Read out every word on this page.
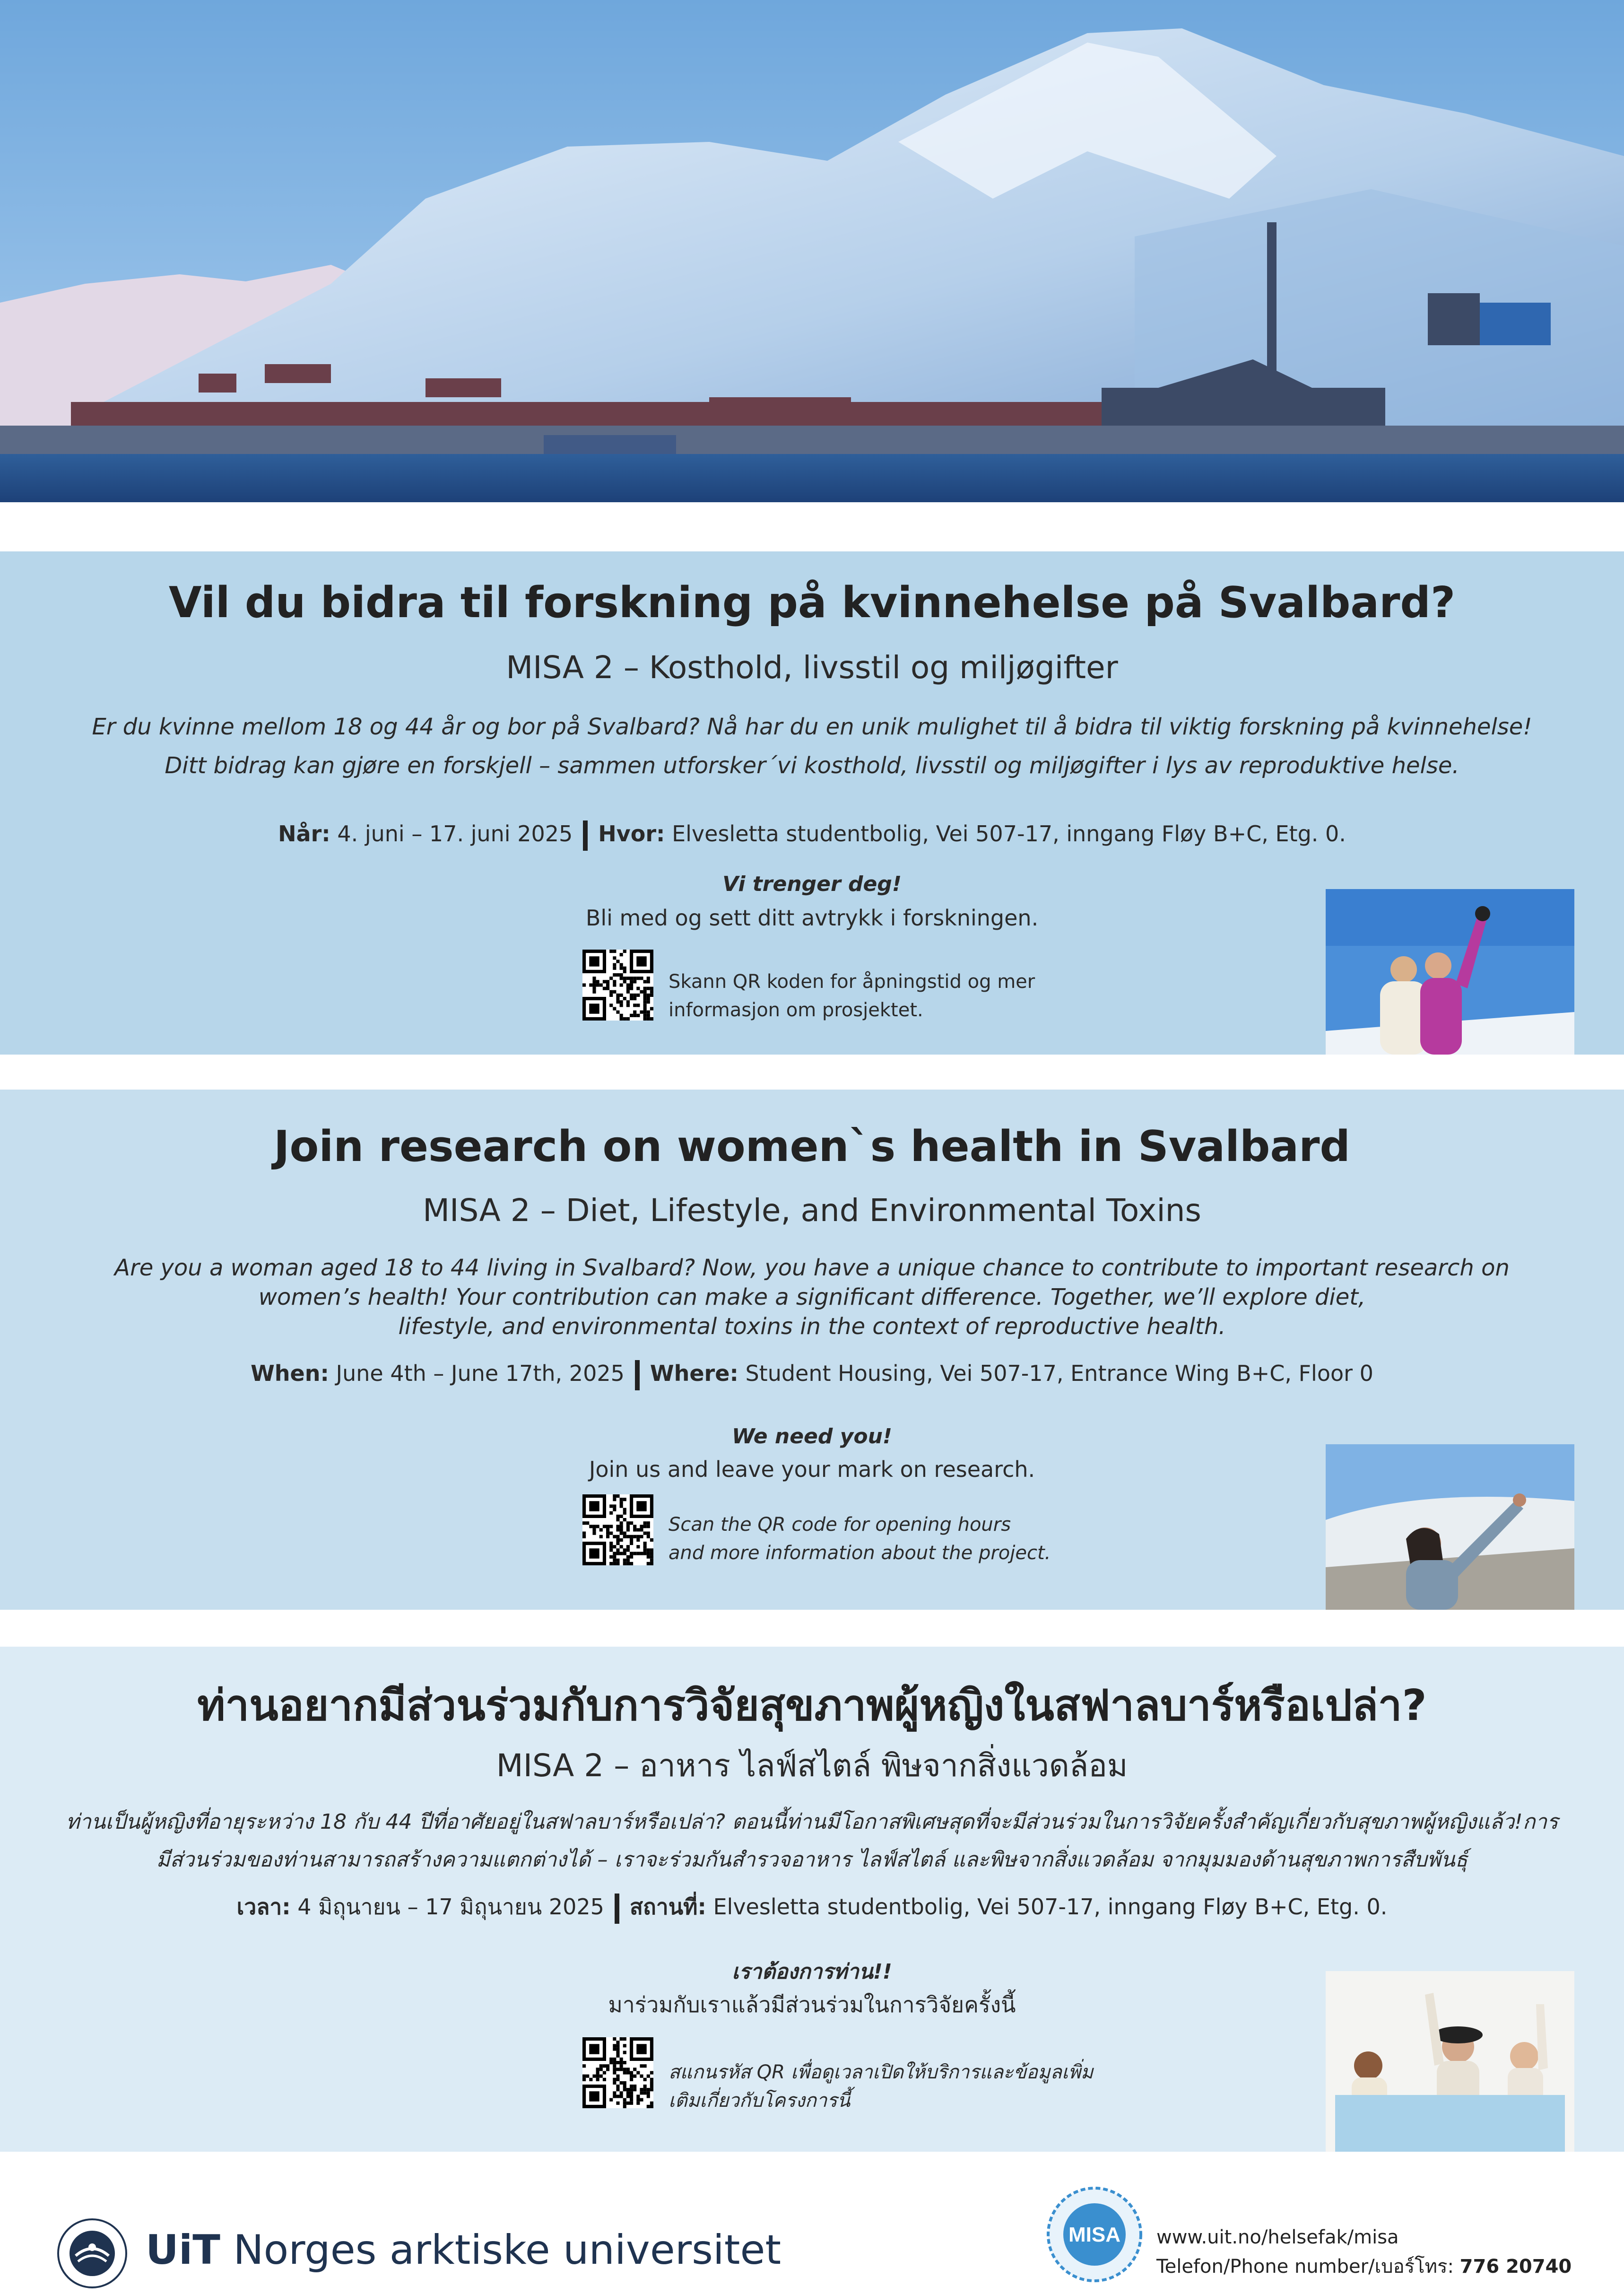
Vil du bidra til forskning på kvinnehelse på Svalbard?
MISA 2 – Kosthold, livsstil og miljøgifter
Er du kvinne mellom 18 og 44 år og bor på Svalbard? Nå har du en unik mulighet til å bidra til viktig forskning på kvinnehelse!
Ditt bidrag kan gjøre en forskjell – sammen utforsker´vi kosthold, livsstil og miljøgifter i lys av reproduktive helse.
Når: 4. juni – 17. juni 2025 Hvor: Elvesletta studentbolig, Vei 507-17, inngang Fløy B+C, Etg. 0.
Vi trenger deg!
Bli med og sett ditt avtrykk i forskningen.
Skann QR koden for åpningstid og mer
informasjon om prosjektet.
Join research on women`s health in Svalbard
MISA 2 – Diet, Lifestyle, and Environmental Toxins
Are you a woman aged 18 to 44 living in Svalbard? Now, you have a unique chance to contribute to important research on
women’s health! Your contribution can make a significant difference. Together, we’ll explore diet,
lifestyle, and environmental toxins in the context of reproductive health.
When: June 4th – June 17th, 2025 Where: Student Housing, Vei 507-17, Entrance Wing B+C, Floor 0
We need you!
Join us and leave your mark on research.
Scan the QR code for opening hours
and more information about the project.
ท่านอยากมีส่วนร่วมกับการวิจัยสุขภาพผู้หญิงในสฟาลบาร์หรือเปล่า?
MISA 2 – อาหาร ไลฟ์สไตล์ พิษจากสิ่งแวดล้อม
ท่านเป็นผู้หญิงที่อายุระหว่าง 18 กับ 44 ปีที่อาศัยอยู่ในสฟาลบาร์หรือเปล่า? ตอนนี้ท่านมีโอกาสพิเศษสุดที่จะมีส่วนร่วมในการวิจัยครั้งสำคัญเกี่ยวกับสุขภาพผู้หญิงแล้ว!การ
มีส่วนร่วมของท่านสามารถสร้างความแตกต่างได้ – เราจะร่วมกันสำรวจอาหาร ไลฟ์สไตล์ และพิษจากสิ่งแวดล้อม จากมุมมองด้านสุขภาพการสืบพันธุ์
เวลา: 4 มิถุนายน – 17 มิถุนายน 2025 สถานที่: Elvesletta studentbolig, Vei 507-17, inngang Fløy B+C, Etg. 0.
เราต้องการท่าน!!
มาร่วมกับเราแล้วมีส่วนร่วมในการวิจัยครั้งนี้
สแกนรหัส QR เพื่อดูเวลาเปิดให้บริการและข้อมูลเพิ่ม
เติมเกี่ยวกับโครงการนี้
UiT Norges arktiske universitet	MISA www.uit.no/helsefak/misa
Telefon/Phone number/เบอร์โทร: 776 20740
